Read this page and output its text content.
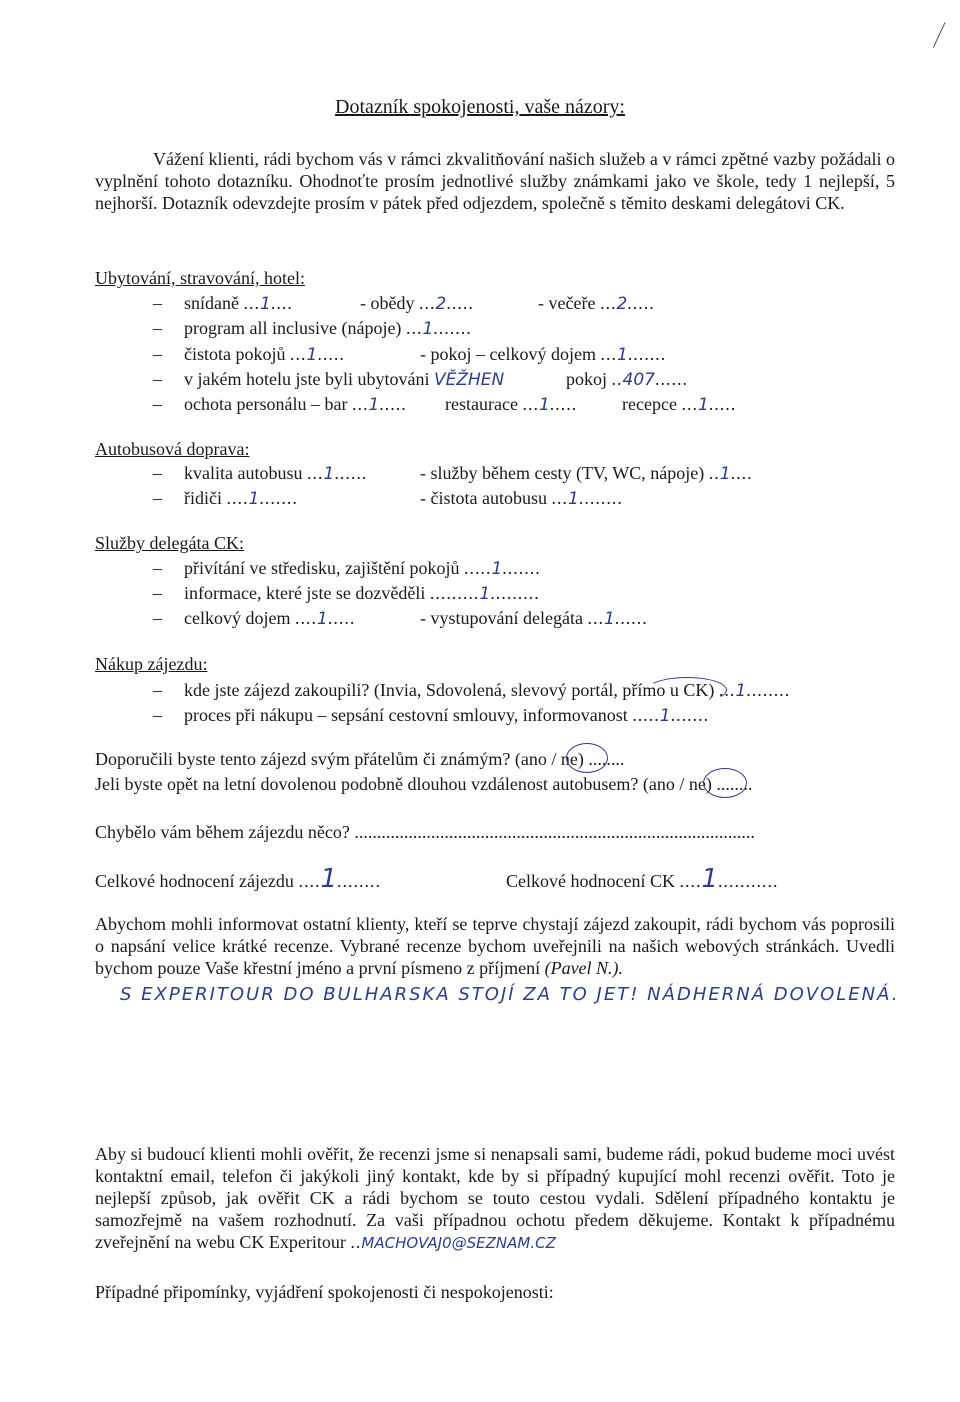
Dotazník spokojenosti, vaše názory:
Vážení klienti, rádi bychom vás v rámci zkvalitňování našich služeb a v rámci zpětné vazby požádali o vyplnění tohoto dotazníku. Ohodnoťte prosím jednotlivé služby známkami jako ve škole, tedy 1 nejlepší, 5 nejhorší. Dotazník odevzdejte prosím v pátek před odjezdem, společně s těmito deskami delegátovi CK.
Ubytování, stravování, hotel:
– snídaně ...1....	- obědy ...2.....	- večeře ...2.....
– program all inclusive (nápoje) ...1.......
– čistota pokojů ...1.....	- pokoj – celkový dojem ...1.......
– v jakém hotelu jste byli ubytováni VĚŽHEN	pokoj ..407......
– ochota personálu – bar ...1..... restaurace ...1..... recepce ...1.....
Autobusová doprava:
– kvalita autobusu ...1......	- služby během cesty (TV, WC, nápoje) ..1....
– řidiči ....1.......	- čistota autobusu ...1........
Služby delegáta CK:
– přivítání ve středisku, zajištění pokojů .....1.......
– informace, které jste se dozvěděli .........1.........
– celkový dojem ....1.....	- vystupování delegáta ...1......
Nákup zájezdu:
– kde jste zájezd zakoupili? (Invia, Sdovolená, slevový portál, přímo u CK) ...1........
– proces při nákupu – sepsání cestovní smlouvy, informovanost .....1.......
Doporučili byste tento zájezd svým přátelům či známým? (ano / ne) ........
Jeli byste opět na letní dovolenou podobně dlouhou vzdálenost autobusem? (ano / ne) ........
Chybělo vám během zájezdu něco? .........................................................................................
Celkové hodnocení zájezdu ....1........	Celkové hodnocení CK ....1...........
Abychom mohli informovat ostatní klienty, kteří se teprve chystají zájezd zakoupit, rádi bychom vás poprosili o napsání velice krátké recenze. Vybrané recenze bychom uveřejnili na našich webových stránkách. Uvedli bychom pouze Vaše křestní jméno a první písmeno z příjmení (Pavel N.).
S EXPERITOUR DO BULHARSKA STOJÍ ZA TO JET! NÁDHERNÁ DOVOLENÁ.
Aby si budoucí klienti mohli ověřit, že recenzi jsme si nenapsali sami, budeme rádi, pokud budeme moci uvést kontaktní email, telefon či jakýkoli jiný kontakt, kde by si případný kupující mohl recenzi ověřit. Toto je nejlepší způsob, jak ověřit CK a rádi bychom se touto cestou vydali. Sdělení případného kontaktu je samozřejmě na vašem rozhodnutí. Za vaši případnou ochotu předem děkujeme. Kontakt k případnému zveřejnění na webu CK Experitour ..MACHOVAJ0@SEZNAM.CZ
Případné připomínky, vyjádření spokojenosti či nespokojenosti:
